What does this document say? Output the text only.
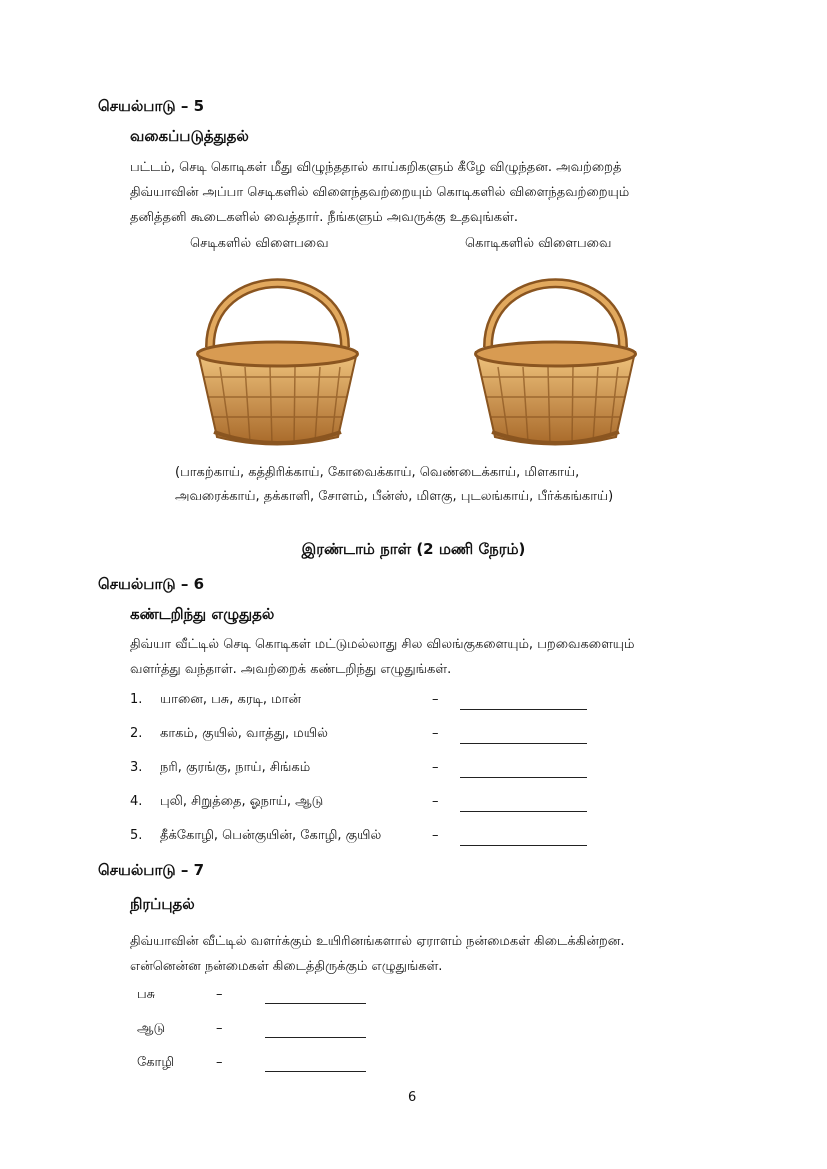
செயல்பாடு – 5
வகைப்படுத்துதல்
பட்டம், செடி கொடிகள் மீது விழுந்ததால் காய்கறிகளும் கீழே விழுந்தன. அவற்றைத்
திவ்யாவின் அப்பா செடிகளில் விளைந்தவற்றையும் கொடிகளில் விளைந்தவற்றையும்
தனித்தனி கூடைகளில் வைத்தார். நீங்களும் அவருக்கு உதவுங்கள்.
செடிகளில் விளைபவை	கொடிகளில் விளைபவை
(பாகற்காய், கத்திரிக்காய், கோவைக்காய், வெண்டைக்காய், மிளகாய்,
அவரைக்காய், தக்காளி, சோளம், பீன்ஸ், மிளகு, புடலங்காய், பீர்க்கங்காய்)
இரண்டாம் நாள் (2 மணி நேரம்)
செயல்பாடு – 6
கண்டறிந்து எழுதுதல்
திவ்யா வீட்டில் செடி கொடிகள் மட்டுமல்லாது சில விலங்குகளையும், பறவைகளையும்
வளர்த்து வந்தாள். அவற்றைக் கண்டறிந்து எழுதுங்கள்.
1. யானை, பசு, கரடி, மான்	–
2. காகம், குயில், வாத்து, மயில்	–
3. நரி, குரங்கு, நாய், சிங்கம்	–
4. புலி, சிறுத்தை, ஓநாய், ஆடு	–
5. தீக்கோழி, பென்குயின், கோழி, குயில்	–
செயல்பாடு – 7
நிரப்புதல்
திவ்யாவின் வீட்டில் வளர்க்கும் உயிரினங்களால் ஏராளம் நன்மைகள் கிடைக்கின்றன.
என்னென்ன நன்மைகள் கிடைத்திருக்கும் எழுதுங்கள்.
பசு	–
ஆடு	–
கோழி	–
6
